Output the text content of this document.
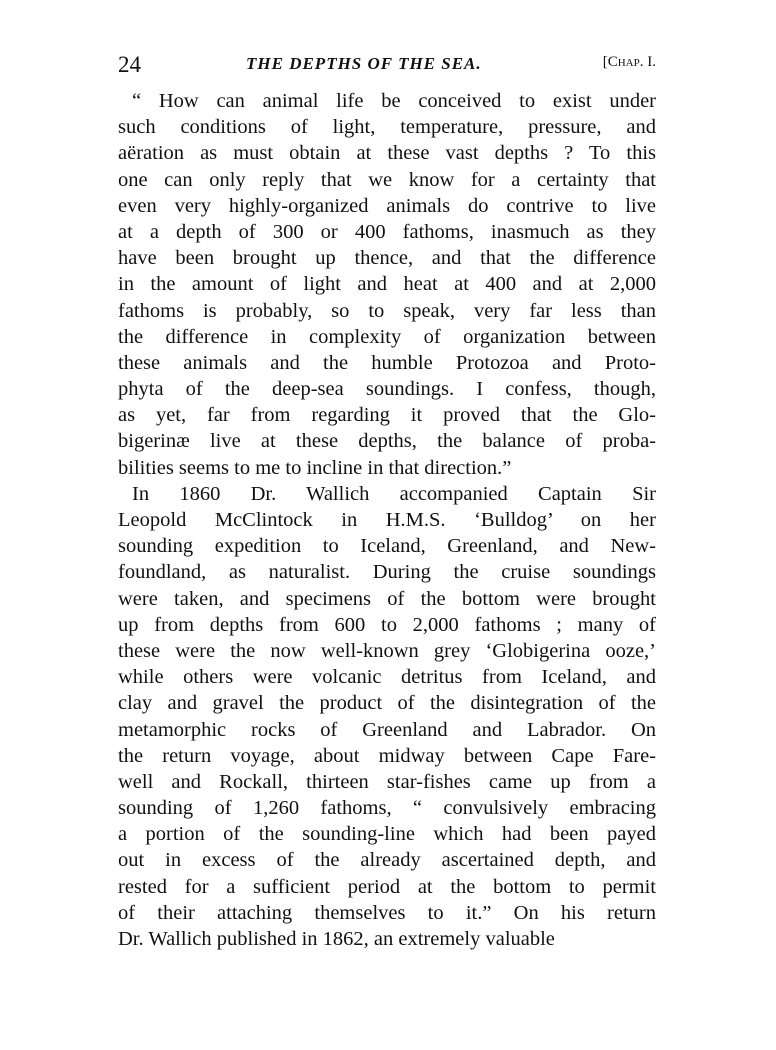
24	THE DEPTHS OF THE SEA.	[Chap. I.
“ How can animal life be conceived to exist under
such conditions of light, temperature, pressure, and
aëration as must obtain at these vast depths ? To this
one can only reply that we know for a certainty that
even very highly-organized animals do contrive to live
at a depth of 300 or 400 fathoms, inasmuch as they
have been brought up thence, and that the difference
in the amount of light and heat at 400 and at 2,000
fathoms is probably, so to speak, very far less than
the difference in complexity of organization between
these animals and the humble Protozoa and Proto-
phyta of the deep-sea soundings. I confess, though,
as yet, far from regarding it proved that the Glo-
bigerinæ live at these depths, the balance of proba-
bilities seems to me to incline in that direction.”
In 1860 Dr. Wallich accompanied Captain Sir
Leopold McClintock in H.M.S. ‘Bulldog’ on her
sounding expedition to Iceland, Greenland, and New-
foundland, as naturalist. During the cruise soundings
were taken, and specimens of the bottom were brought
up from depths from 600 to 2,000 fathoms ; many of
these were the now well-known grey ‘Globigerina ooze,’
while others were volcanic detritus from Iceland, and
clay and gravel the product of the disintegration of the
metamorphic rocks of Greenland and Labrador. On
the return voyage, about midway between Cape Fare-
well and Rockall, thirteen star-fishes came up from a
sounding of 1,260 fathoms, “ convulsively embracing
a portion of the sounding-line which had been payed
out in excess of the already ascertained depth, and
rested for a sufficient period at the bottom to permit
of their attaching themselves to it.” On his return
Dr. Wallich published in 1862, an extremely valuable
